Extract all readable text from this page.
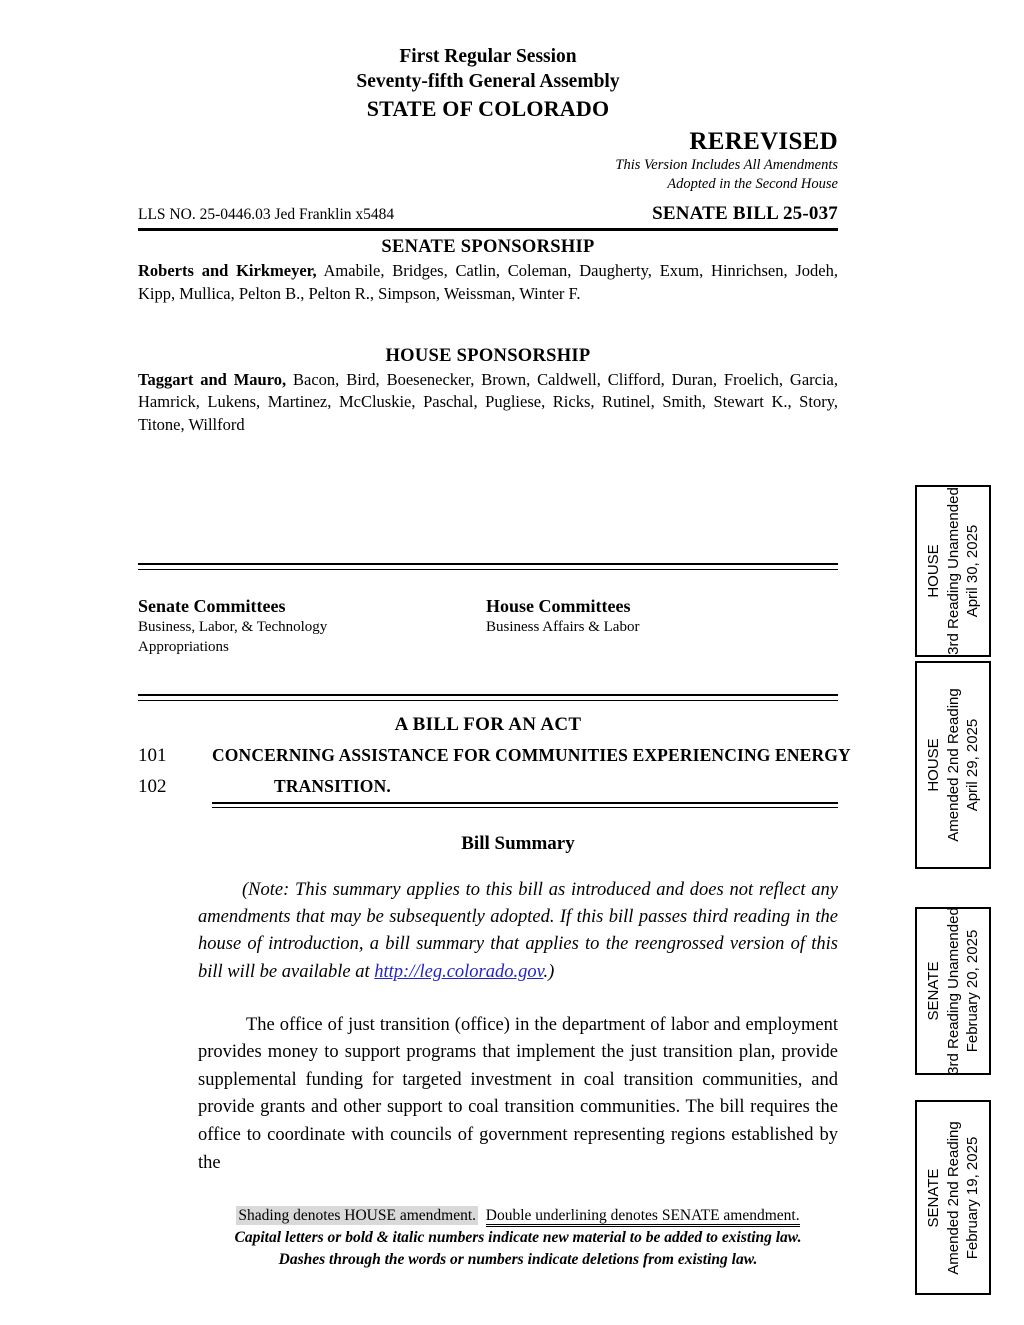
First Regular Session
Seventy-fifth General Assembly
STATE OF COLORADO
REREVISED
This Version Includes All Amendments
Adopted in the Second House
LLS NO. 25-0446.03 Jed Franklin x5484	SENATE BILL 25-037
SENATE SPONSORSHIP
Roberts and Kirkmeyer, Amabile, Bridges, Catlin, Coleman, Daugherty, Exum, Hinrichsen, Jodeh, Kipp, Mullica, Pelton B., Pelton R., Simpson, Weissman, Winter F.
HOUSE SPONSORSHIP
Taggart and Mauro, Bacon, Bird, Boesenecker, Brown, Caldwell, Clifford, Duran, Froelich, Garcia, Hamrick, Lukens, Martinez, McCluskie, Paschal, Pugliese, Ricks, Rutinel, Smith, Stewart K., Story, Titone, Willford
Senate Committees
Business, Labor, & Technology
Appropriations
House Committees
Business Affairs & Labor
A BILL FOR AN ACT
101	CONCERNING ASSISTANCE FOR COMMUNITIES EXPERIENCING ENERGY
102	TRANSITION.
Bill Summary
(Note: This summary applies to this bill as introduced and does not reflect any amendments that may be subsequently adopted. If this bill passes third reading in the house of introduction, a bill summary that applies to the reengrossed version of this bill will be available at http://leg.colorado.gov.)
The office of just transition (office) in the department of labor and employment provides money to support programs that implement the just transition plan, provide supplemental funding for targeted investment in coal transition communities, and provide grants and other support to coal transition communities. The bill requires the office to coordinate with councils of government representing regions established by the
Shading denotes HOUSE amendment. Double underlining denotes SENATE amendment.
Capital letters or bold & italic numbers indicate new material to be added to existing law.
Dashes through the words or numbers indicate deletions from existing law.
HOUSE 3rd Reading Unamended April 30, 2025
HOUSE Amended 2nd Reading April 29, 2025
SENATE 3rd Reading Unamended February 20, 2025
SENATE Amended 2nd Reading February 19, 2025
